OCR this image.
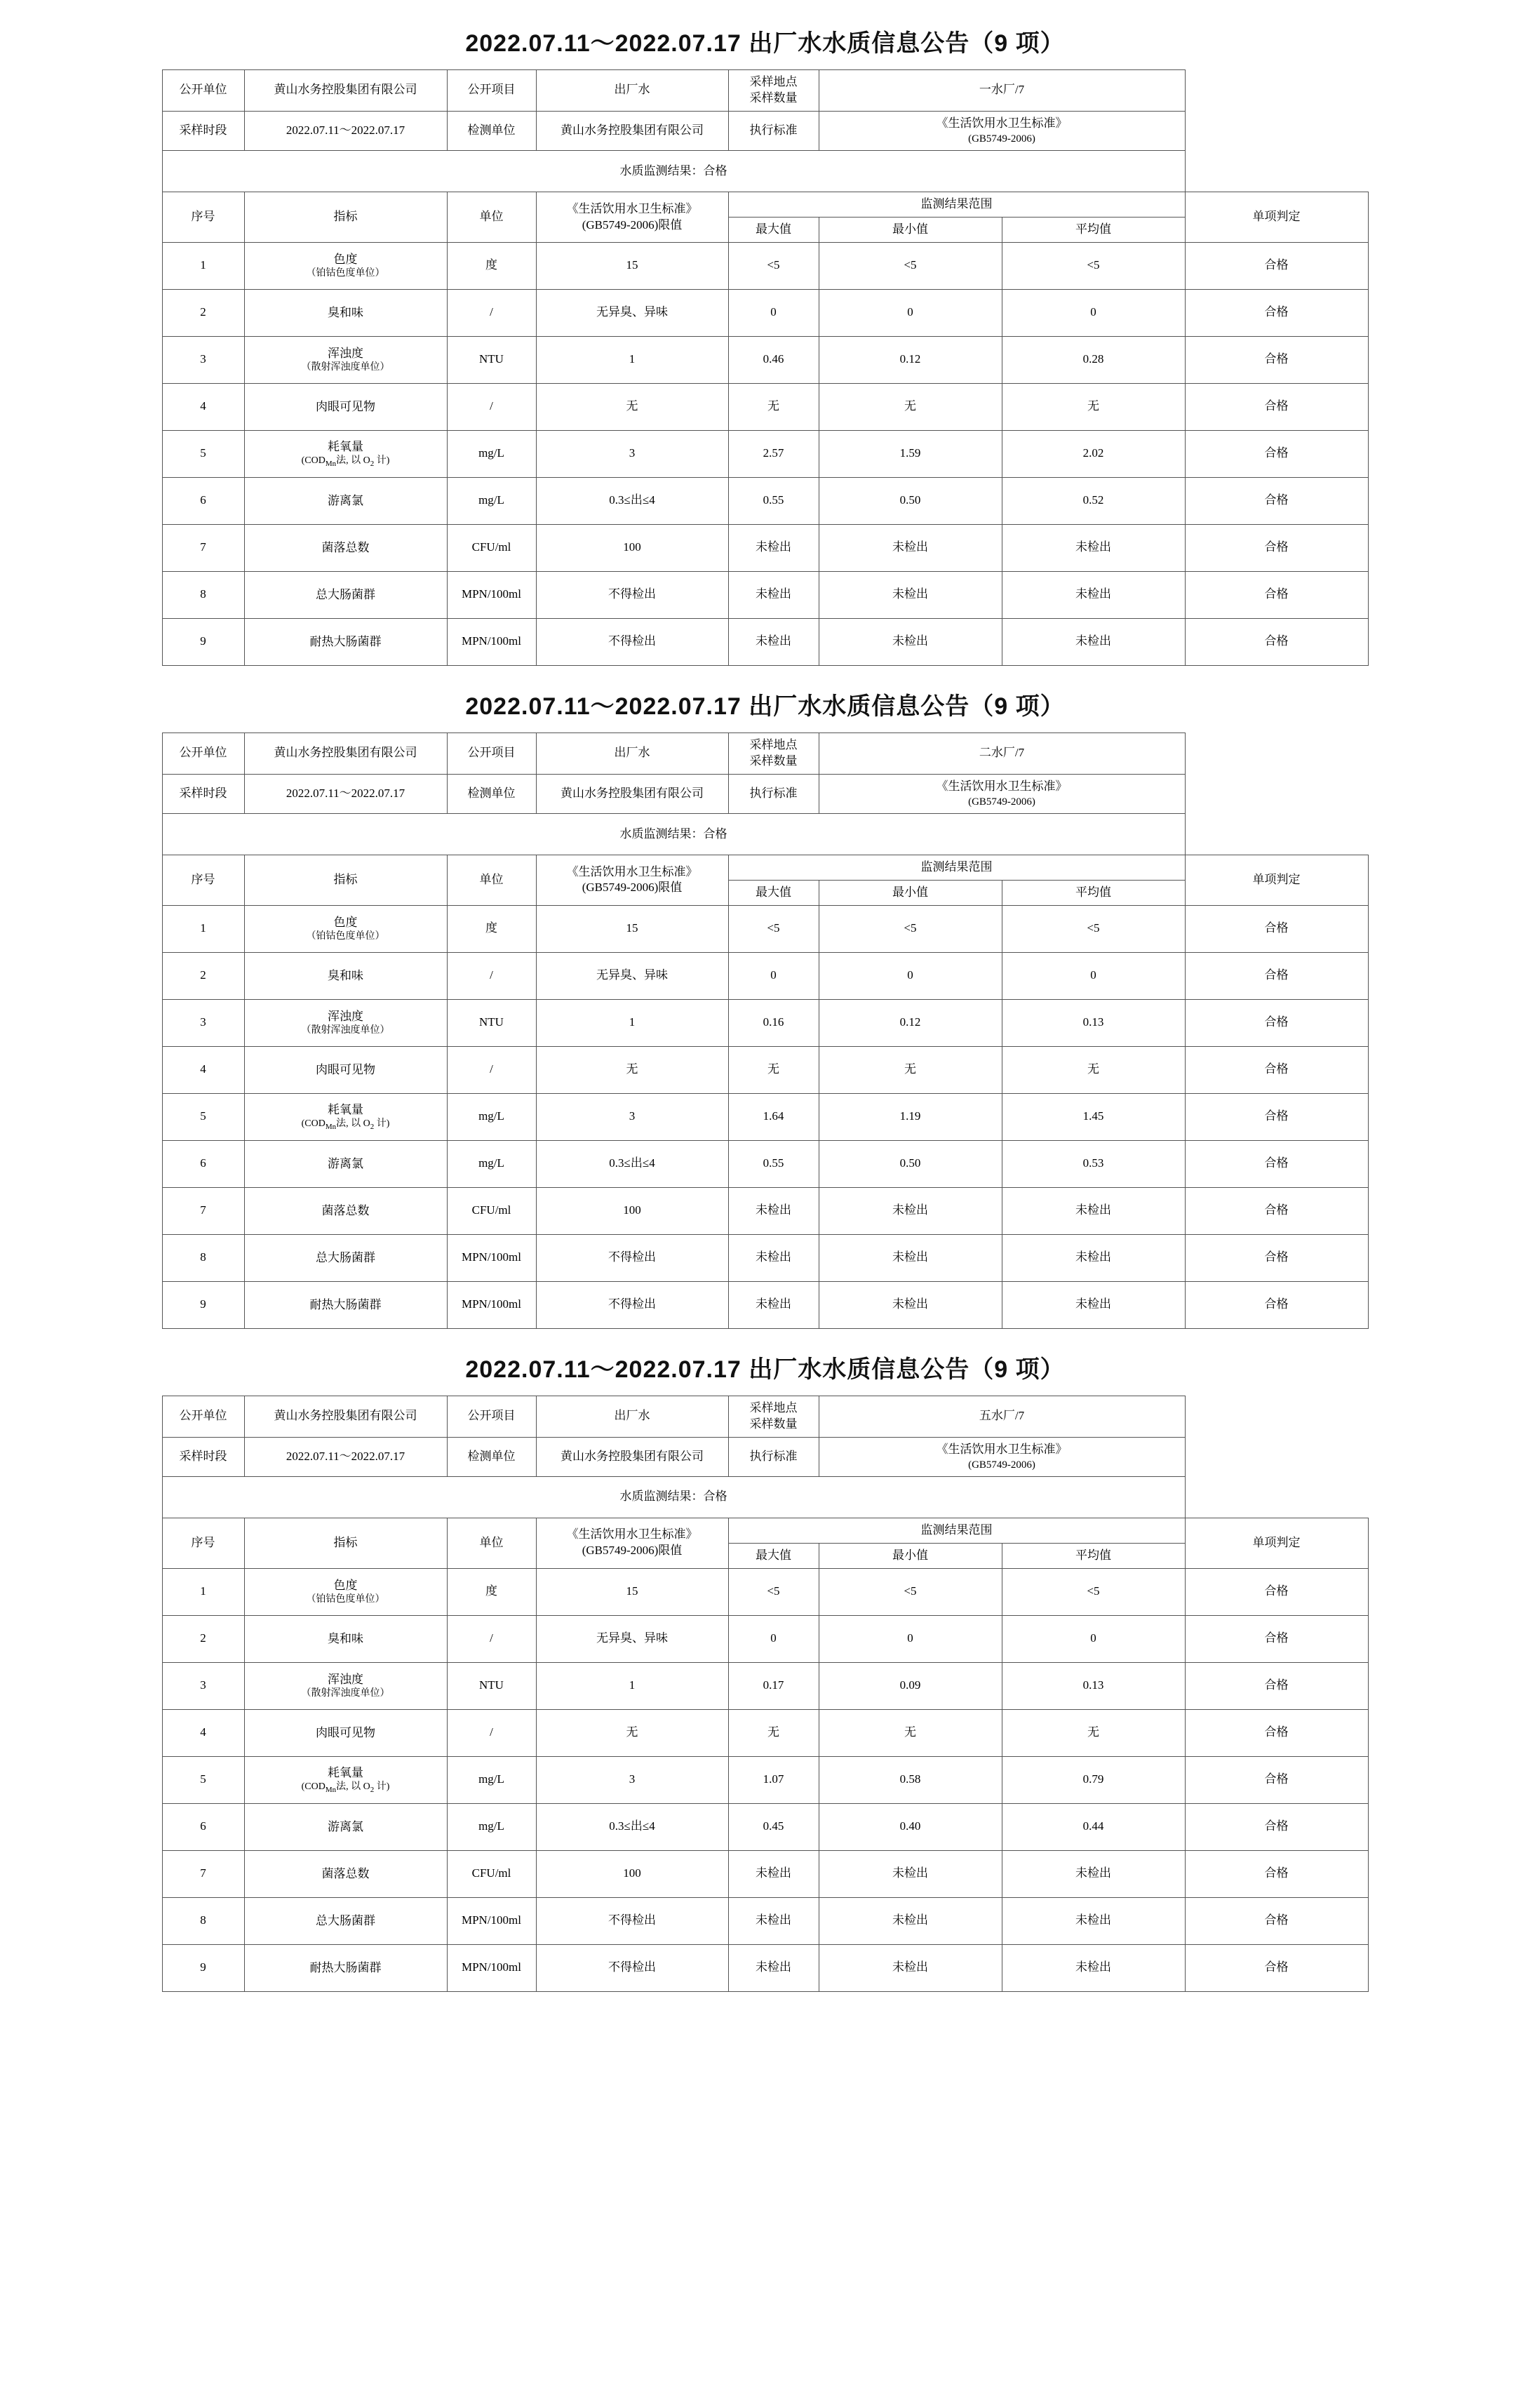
2022.07.11～2022.07.17 出厂水水质信息公告（9 项）
公开单位	黄山水务控股集团有限公司	公开项目	出厂水	采样地点
采样数量	一水厂/7		
采样时段	2022.07.11～2022.07.17	检测单位	黄山水务控股集团有限公司	执行标准	《生活饮用水卫生标准》
(GB5749-2006)		

水质监测结果：合格							
序号	指标	单位	《生活饮用水卫生标准》
(GB5749-2006)限值	监测结果范围			单项判定
				最大值	最小值	平均值	
1	色度
（铂钴色度单位）	度	15	<5	<5	<5	合格
2	臭和味	/	无异臭、异味	0	0	0	合格
3	浑浊度
（散射浑浊度单位）	NTU	1	0.46	0.12	0.28	合格
4	肉眼可见物	/	无	无	无	无	合格
5	耗氧量
($COD_{Mn}$法, 以 $O_2$ 计)	mg/L	3	2.57	1.59	2.02	合格
6	游离氯	mg/L	0.3≤出≤4	0.55	0.50	0.52	合格
7	菌落总数	CFU/ml	100	未检出	未检出	未检出	合格
8	总大肠菌群	MPN/100ml	不得检出	未检出	未检出	未检出	合格
9	耐热大肠菌群	MPN/100ml	不得检出	未检出	未检出	未检出	合格
2022.07.11～2022.07.17 出厂水水质信息公告（9 项）
公开单位	黄山水务控股集团有限公司	公开项目	出厂水	采样地点
采样数量	二水厂/7		
采样时段	2022.07.11～2022.07.17	检测单位	黄山水务控股集团有限公司	执行标准	《生活饮用水卫生标准》
(GB5749-2006)		

水质监测结果：合格							
序号	指标	单位	《生活饮用水卫生标准》
(GB5749-2006)限值	监测结果范围			单项判定
				最大值	最小值	平均值	
1	色度
（铂钴色度单位）	度	15	<5	<5	<5	合格
2	臭和味	/	无异臭、异味	0	0	0	合格
3	浑浊度
（散射浑浊度单位）	NTU	1	0.16	0.12	0.13	合格
4	肉眼可见物	/	无	无	无	无	合格
5	耗氧量
($COD_{Mn}$法, 以 $O_2$ 计)	mg/L	3	1.64	1.19	1.45	合格
6	游离氯	mg/L	0.3≤出≤4	0.55	0.50	0.53	合格
7	菌落总数	CFU/ml	100	未检出	未检出	未检出	合格
8	总大肠菌群	MPN/100ml	不得检出	未检出	未检出	未检出	合格
9	耐热大肠菌群	MPN/100ml	不得检出	未检出	未检出	未检出	合格
2022.07.11～2022.07.17 出厂水水质信息公告（9 项）
公开单位	黄山水务控股集团有限公司	公开项目	出厂水	采样地点
采样数量	五水厂/7		
采样时段	2022.07.11～2022.07.17	检测单位	黄山水务控股集团有限公司	执行标准	《生活饮用水卫生标准》
(GB5749-2006)		

水质监测结果：合格							
序号	指标	单位	《生活饮用水卫生标准》
(GB5749-2006)限值	监测结果范围			单项判定
				最大值	最小值	平均值	
1	色度
（铂钴色度单位）	度	15	<5	<5	<5	合格
2	臭和味	/	无异臭、异味	0	0	0	合格
3	浑浊度
（散射浑浊度单位）	NTU	1	0.17	0.09	0.13	合格
4	肉眼可见物	/	无	无	无	无	合格
5	耗氧量
($COD_{Mn}$法, 以 $O_2$ 计)	mg/L	3	1.07	0.58	0.79	合格
6	游离氯	mg/L	0.3≤出≤4	0.45	0.40	0.44	合格
7	菌落总数	CFU/ml	100	未检出	未检出	未检出	合格
8	总大肠菌群	MPN/100ml	不得检出	未检出	未检出	未检出	合格
9	耐热大肠菌群	MPN/100ml	不得检出	未检出	未检出	未检出	合格
